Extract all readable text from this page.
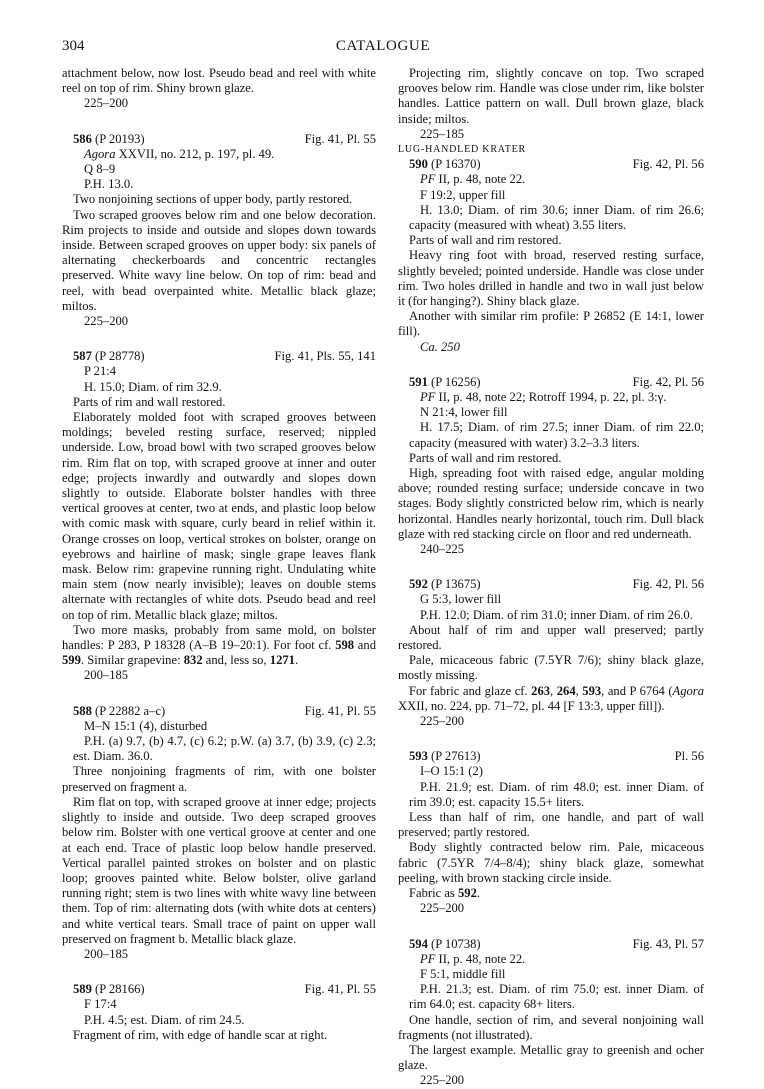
304	CATALOGUE

attachment below, now lost. Pseudo bead and reel with white reel on top of rim. Shiny brown glaze.

225–200

586 (P 20193)	Fig. 41, Pl. 55

Agora XXVII, no. 212, p. 197, pl. 49.

Q 8–9

P.H. 13.0.

Two nonjoining sections of upper body, partly restored.

Two scraped grooves below rim and one below decoration. Rim projects to inside and outside and slopes down towards inside. Between scraped grooves on upper body: six panels of alternating checkerboards and concentric rectangles preserved. White wavy line below. On top of rim: bead and reel, with bead overpainted white. Metallic black glaze; miltos.

225–200

587 (P 28778)	Fig. 41, Pls. 55, 141

P 21:4

H. 15.0; Diam. of rim 32.9.

Parts of rim and wall restored.

Elaborately molded foot with scraped grooves between moldings; beveled resting surface, reserved; nippled underside. Low, broad bowl with two scraped grooves below rim. Rim flat on top, with scraped groove at inner and outer edge; projects inwardly and outwardly and slopes down slightly to outside. Elaborate bolster handles with three vertical grooves at center, two at ends, and plastic loop below with comic mask with square, curly beard in relief within it. Orange crosses on loop, vertical strokes on bolster, orange on eyebrows and hairline of mask; single grape leaves flank mask. Below rim: grapevine running right. Undulating white main stem (now nearly invisible); leaves on double stems alternate with rectangles of white dots. Pseudo bead and reel on top of rim. Metallic black glaze; miltos.

Two more masks, probably from same mold, on bolster handles: P 283, P 18328 (A–B 19–20:1). For foot cf. 598 and 599. Similar grapevine: 832 and, less so, 1271.

200–185

588 (P 22882 a–c)	Fig. 41, Pl. 55

M–N 15:1 (4), disturbed

P.H. (a) 9.7, (b) 4.7, (c) 6.2; p.W. (a) 3.7, (b) 3.9, (c) 2.3; est. Diam. 36.0.

Three nonjoining fragments of rim, with one bolster preserved on fragment a.

Rim flat on top, with scraped groove at inner edge; projects slightly to inside and outside. Two deep scraped grooves below rim. Bolster with one vertical groove at center and one at each end. Trace of plastic loop below handle preserved. Vertical parallel painted strokes on bolster and on plastic loop; grooves painted white. Below bolster, olive garland running right; stem is two lines with white wavy line between them. Top of rim: alternating dots (with white dots at centers) and white vertical tears. Small trace of paint on upper wall preserved on fragment b. Metallic black glaze.

200–185

589 (P 28166)	Fig. 41, Pl. 55

F 17:4

P.H. 4.5; est. Diam. of rim 24.5.

Fragment of rim, with edge of handle scar at right.

Projecting rim, slightly concave on top. Two scraped grooves below rim. Handle was close under rim, like bolster handles. Lattice pattern on wall. Dull brown glaze, black inside; miltos.

225–185

LUG-HANDLED KRATER

590 (P 16370)	Fig. 42, Pl. 56

PF II, p. 48, note 22.

F 19:2, upper fill

H. 13.0; Diam. of rim 30.6; inner Diam. of rim 26.6; capacity (measured with wheat) 3.55 liters.

Parts of wall and rim restored.

Heavy ring foot with broad, reserved resting surface, slightly beveled; pointed underside. Handle was close under rim. Two holes drilled in handle and two in wall just below it (for hanging?). Shiny black glaze.

Another with similar rim profile: P 26852 (E 14:1, lower fill).

Ca. 250

591 (P 16256)	Fig. 42, Pl. 56

PF II, p. 48, note 22; Rotroff 1994, p. 22, pl. 3:γ.

N 21:4, lower fill

H. 17.5; Diam. of rim 27.5; inner Diam. of rim 22.0; capacity (measured with water) 3.2–3.3 liters.

Parts of wall and rim restored.

High, spreading foot with raised edge, angular molding above; rounded resting surface; underside concave in two stages. Body slightly constricted below rim, which is nearly horizontal. Handles nearly horizontal, touch rim. Dull black glaze with red stacking circle on floor and red underneath.

240–225

592 (P 13675)	Fig. 42, Pl. 56

G 5:3, lower fill

P.H. 12.0; Diam. of rim 31.0; inner Diam. of rim 26.0.

About half of rim and upper wall preserved; partly restored.

Pale, micaceous fabric (7.5YR 7/6); shiny black glaze, mostly missing.

For fabric and glaze cf. 263, 264, 593, and P 6764 (Agora XXII, no. 224, pp. 71–72, pl. 44 [F 13:3, upper fill]).

225–200

593 (P 27613)	Pl. 56

I–O 15:1 (2)

P.H. 21.9; est. Diam. of rim 48.0; est. inner Diam. of rim 39.0; est. capacity 15.5+ liters.

Less than half of rim, one handle, and part of wall preserved; partly restored.

Body slightly contracted below rim. Pale, micaceous fabric (7.5YR 7/4–8/4); shiny black glaze, somewhat peeling, with brown stacking circle inside.

Fabric as 592.

225–200

594 (P 10738)	Fig. 43, Pl. 57

PF II, p. 48, note 22.

F 5:1, middle fill

P.H. 21.3; est. Diam. of rim 75.0; est. inner Diam. of rim 64.0; est. capacity 68+ liters.

One handle, section of rim, and several nonjoining wall fragments (not illustrated).

The largest example. Metallic gray to greenish and ocher glaze.

225–200
